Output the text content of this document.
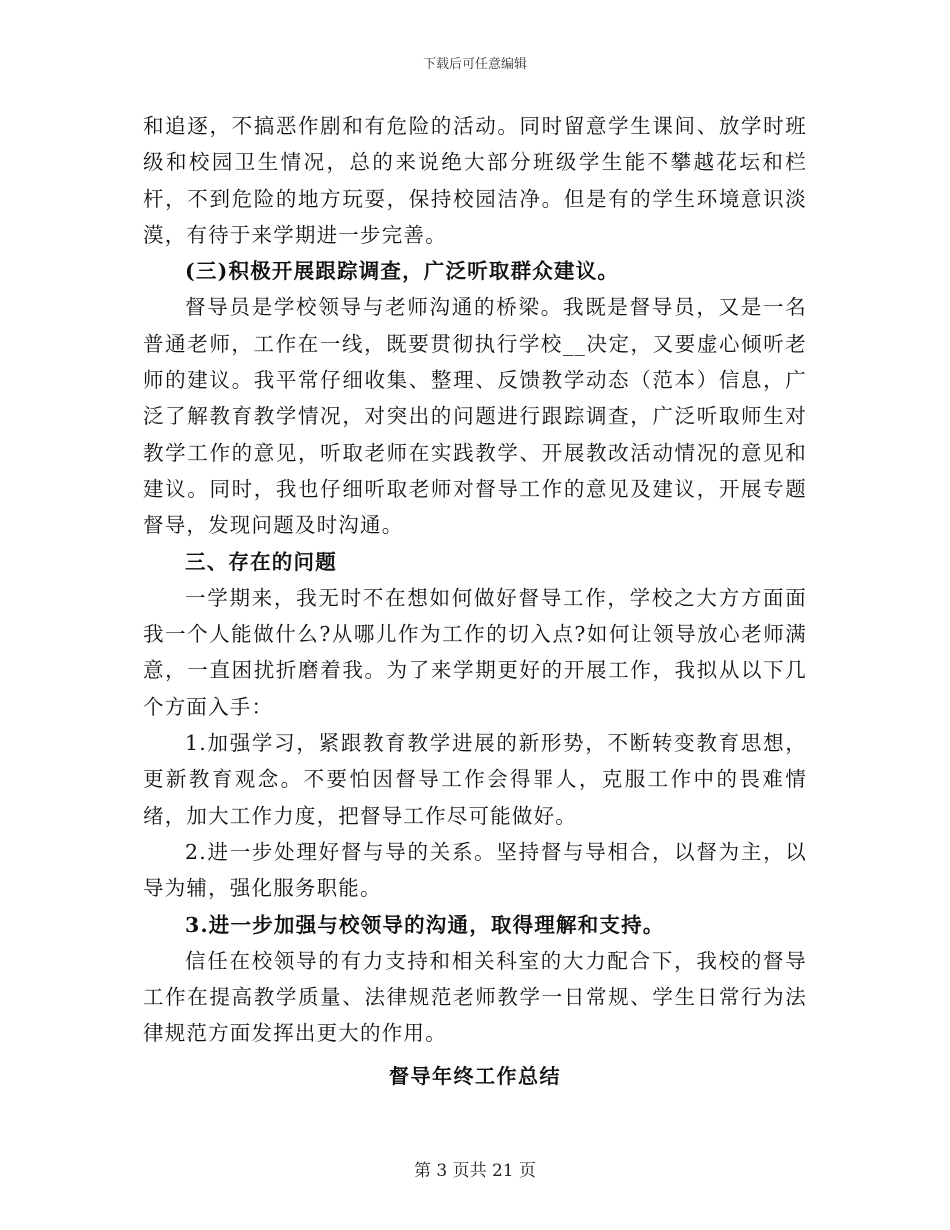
下载后可任意编辑

和追逐，不搞恶作剧和有危险的活动。同时留意学生课间、放学时班级和校园卫生情况，总的来说绝大部分班级学生能不攀越花坛和栏杆，不到危险的地方玩耍，保持校园洁净。但是有的学生环境意识淡漠，有待于来学期进一步完善。

(三)积极开展跟踪调查，广泛听取群众建议。

督导员是学校领导与老师沟通的桥梁。我既是督导员，又是一名普通老师，工作在一线，既要贯彻执行学校__决定，又要虚心倾听老师的建议。我平常仔细收集、整理、反馈教学动态（范本）信息，广泛了解教育教学情况，对突出的问题进行跟踪调查，广泛听取师生对教学工作的意见，听取老师在实践教学、开展教改活动情况的意见和建议。同时，我也仔细听取老师对督导工作的意见及建议，开展专题督导，发现问题及时沟通。

三、存在的问题

一学期来，我无时不在想如何做好督导工作，学校之大方方面面我一个人能做什么?从哪儿作为工作的切入点?如何让领导放心老师满意，一直困扰折磨着我。为了来学期更好的开展工作，我拟从以下几个方面入手：

1.加强学习，紧跟教育教学进展的新形势，不断转变教育思想，更新教育观念。不要怕因督导工作会得罪人，克服工作中的畏难情绪，加大工作力度，把督导工作尽可能做好。

2.进一步处理好督与导的关系。坚持督与导相合，以督为主，以导为辅，强化服务职能。

3.进一步加强与校领导的沟通，取得理解和支持。

信任在校领导的有力支持和相关科室的大力配合下，我校的督导工作在提高教学质量、法律规范老师教学一日常规、学生日常行为法律规范方面发挥出更大的作用。

督导年终工作总结
第 3 页共 21 页
